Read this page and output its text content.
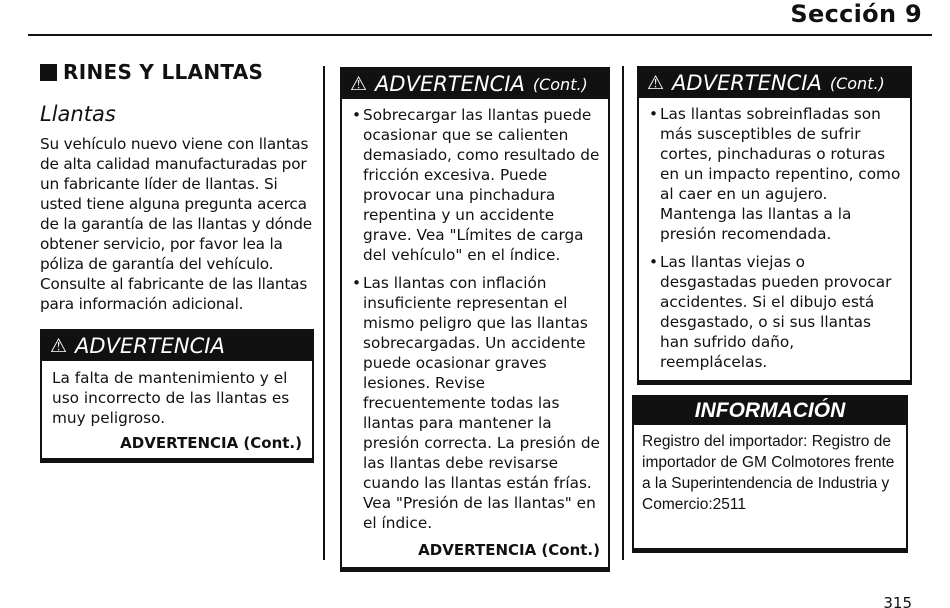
Sección 9
RINES Y LLANTAS
Llantas

Su vehículo nuevo viene con llantas de alta calidad manufacturadas por un fabricante líder de llantas. Si usted tiene alguna pregunta acerca de la garantía de las llantas y dónde obtener servicio, por favor lea la póliza de garantía del vehículo. Consulte al fabricante de las llantas para información adicional.

⚠ ADVERTENCIA
La falta de mantenimiento y el uso incorrecto de las llantas es muy peligroso.
ADVERTENCIA (Cont.)
⚠ ADVERTENCIA (Cont.)
• Sobrecargar las llantas puede ocasionar que se calienten demasiado, como resultado de fricción excesiva. Puede provocar una pinchadura repentina y un accidente grave. Vea "Límites de carga del vehículo" en el índice.
• Las llantas con inflación insuficiente representan el mismo peligro que las llantas sobrecargadas. Un accidente puede ocasionar graves lesiones. Revise frecuentemente todas las llantas para mantener la presión correcta. La presión de las llantas debe revisarse cuando las llantas están frías. Vea "Presión de las llantas" en el índice.
ADVERTENCIA (Cont.)
⚠ ADVERTENCIA (Cont.)
• Las llantas sobreinfladas son más susceptibles de sufrir cortes, pinchaduras o roturas en un impacto repentino, como al caer en un agujero. Mantenga las llantas a la presión recomendada.
• Las llantas viejas o desgastadas pueden provocar accidentes. Si el dibujo está desgastado, o si sus llantas han sufrido daño, reemplácelas.
INFORMACIÓN
Registro del importador: Registro de importador de GM Colmotores frente a la Superintendencia de Industria y Comercio:2511
315
